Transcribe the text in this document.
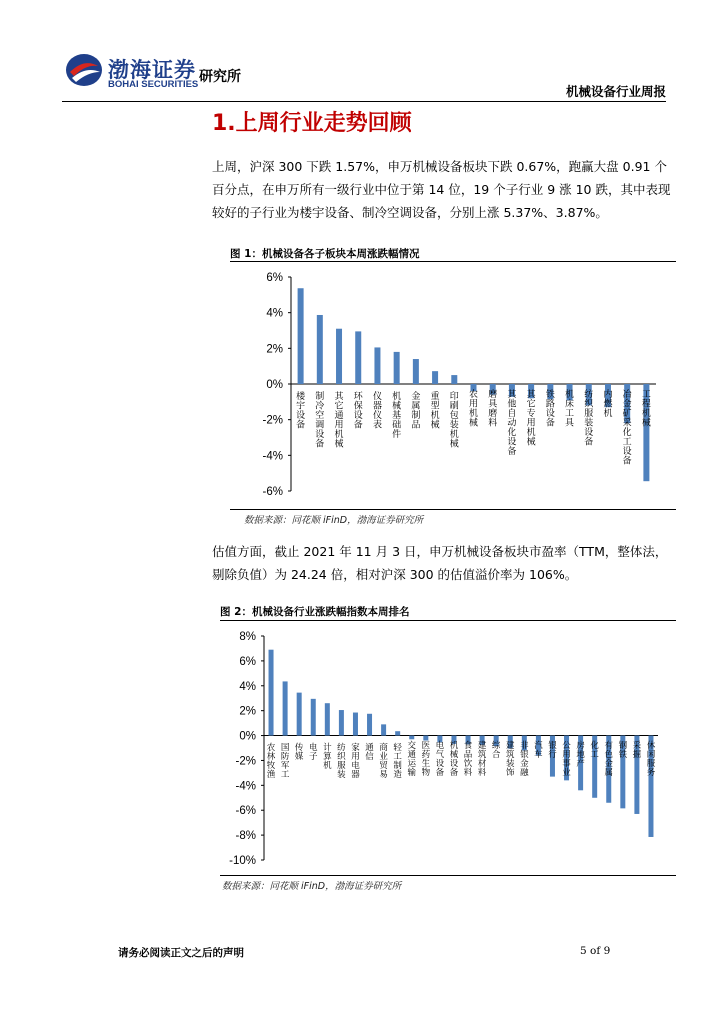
渤海证券
BOHAI SECURITIES 研究所
机械设备行业周报
1.上周行业走势回顾

上周，沪深 300 下跌 1.57%，申万机械设备板块下跌 0.67%，跑赢大盘 0.91 个百分点，在申万所有一级行业中位于第 14 位，19 个子行业 9 涨 10 跌，其中表现较好的子行业为楼宇设备、制冷空调设备，分别上涨 5.37%、3.87%。

图 1：机械设备各子板块本周涨跌幅情况
6%
4%
2%
0%
-2%
-4%
-6%
楼宇设备
制冷空调设备
其它通用机械
环保设备
仪器仪表
机械基础件
金属制品
重型机械
印刷包装机械
农用机械
磨具磨料
其他自动化设备
其它专用机械
铁路设备
机床工具
纺织服装设备
内燃机
冶金矿采化工设备
工程机械
数据来源：同花顺 iFinD，渤海证券研究所

估值方面，截止 2021 年 11 月 3 日，申万机械设备板块市盈率（TTM，整体法，剔除负值）为 24.24 倍，相对沪深 300 的估值溢价率为 106%。

图 2：机械设备行业涨跌幅指数本周排名
8%
6%
4%
2%
0%
-2%
-4%
-6%
-8%
-10%
农林牧渔
国防军工
传媒
电子
计算机
纺织服装
家用电器
通信
商业贸易
轻工制造
交通运输
医药生物
电气设备
机械设备
食品饮料
建筑材料
综合
建筑装饰
非银金融
汽车
银行
公用事业
房地产
化工
有色金属
钢铁
采掘
休闲服务
数据来源：同花顺 iFinD，渤海证券研究所
请务必阅读正文之后的声明	5 of 9
